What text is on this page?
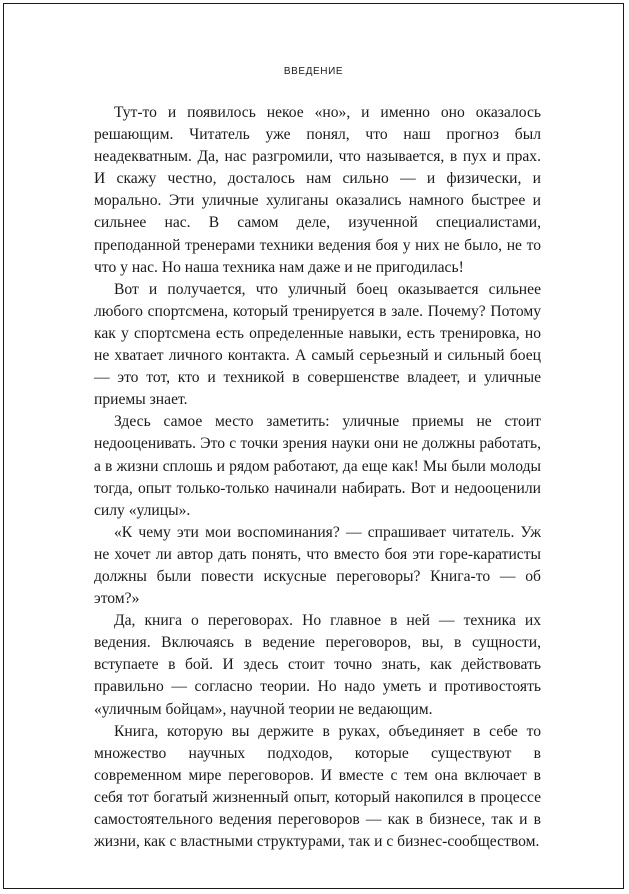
ВВЕДЕНИЕ

Тут-то и появилось некое «но», и именно оно оказалось решающим. Читатель уже понял, что наш прогноз был неадекватным. Да, нас разгромили, что называется, в пух и прах. И скажу честно, досталось нам сильно — и физически, и морально. Эти уличные хулиганы оказались намного быстрее и сильнее нас. В самом деле, изученной специалистами, преподанной тренерами техники ведения боя у них не было, не то что у нас. Но наша техника нам даже и не пригодилась!

Вот и получается, что уличный боец оказывается сильнее любого спортсмена, который тренируется в зале. Почему? Потому как у спортсмена есть определенные навыки, есть тренировка, но не хватает личного контакта. А самый серьезный и сильный боец — это тот, кто и техникой в совершенстве владеет, и уличные приемы знает.

Здесь самое место заметить: уличные приемы не стоит недооценивать. Это с точки зрения науки они не должны работать, а в жизни сплошь и рядом работают, да еще как! Мы были молоды тогда, опыт только-только начинали набирать. Вот и недооценили силу «улицы».

«К чему эти мои воспоминания? — спрашивает читатель. Уж не хочет ли автор дать понять, что вместо боя эти горе-каратисты должны были повести искусные переговоры? Книга-то — об этом?»

Да, книга о переговорах. Но главное в ней — техника их ведения. Включаясь в ведение переговоров, вы, в сущности, вступаете в бой. И здесь стоит точно знать, как действовать правильно — согласно теории. Но надо уметь и противостоять «уличным бойцам», научной теории не ведающим.

Книга, которую вы держите в руках, объединяет в себе то множество научных подходов, которые существуют в современном мире переговоров. И вместе с тем она включает в себя тот богатый жизненный опыт, который накопился в процессе самостоятельного ведения переговоров — как в бизнесе, так и в жизни, как с властными структурами, так и с бизнес-сообществом.
